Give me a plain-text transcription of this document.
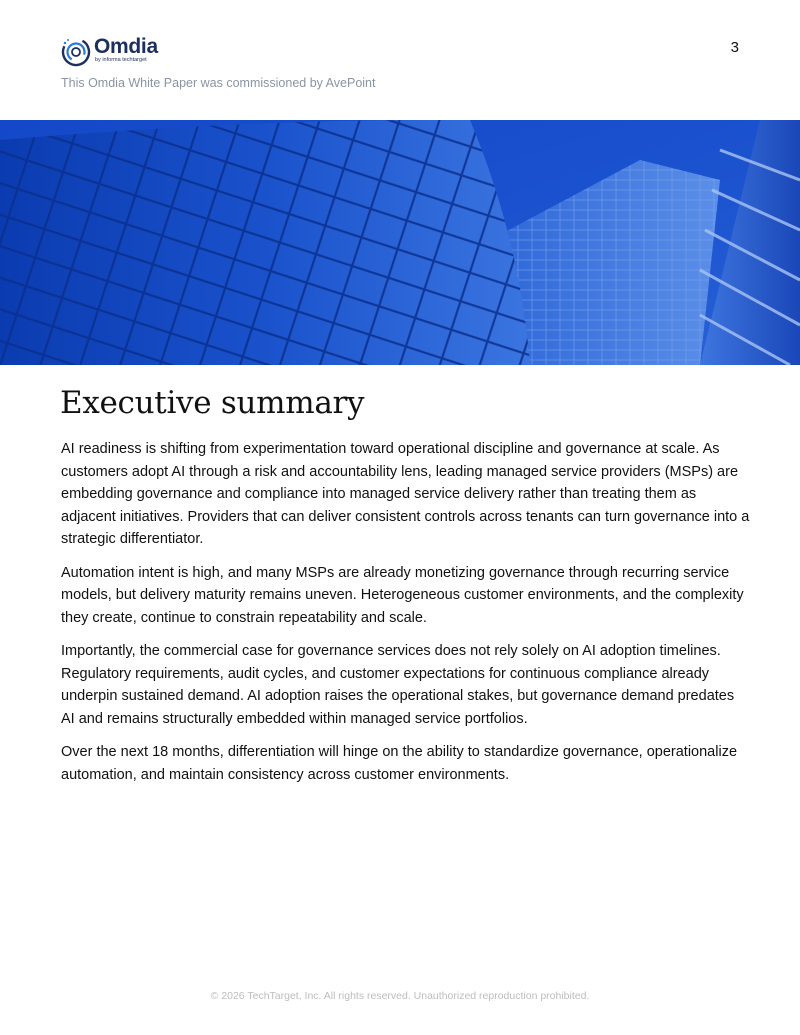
Omdia
by informa techtarget
3
This Omdia White Paper was commissioned by AvePoint
Executive summary

AI readiness is shifting from experimentation toward operational discipline and governance at scale. As customers adopt AI through a risk and accountability lens, leading managed service providers (MSPs) are embedding governance and compliance into managed service delivery rather than treating them as adjacent initiatives. Providers that can deliver consistent controls across tenants can turn governance into a strategic differentiator.

Automation intent is high, and many MSPs are already monetizing governance through recurring service models, but delivery maturity remains uneven. Heterogeneous customer environments, and the complexity they create, continue to constrain repeatability and scale.

Importantly, the commercial case for governance services does not rely solely on AI adoption timelines. Regulatory requirements, audit cycles, and customer expectations for continuous compliance already underpin sustained demand. AI adoption raises the operational stakes, but governance demand predates AI and remains structurally embedded within managed service portfolios.

Over the next 18 months, differentiation will hinge on the ability to standardize governance, operationalize automation, and maintain consistency across customer environments.

© 2026 TechTarget, Inc. All rights reserved. Unauthorized reproduction prohibited.
